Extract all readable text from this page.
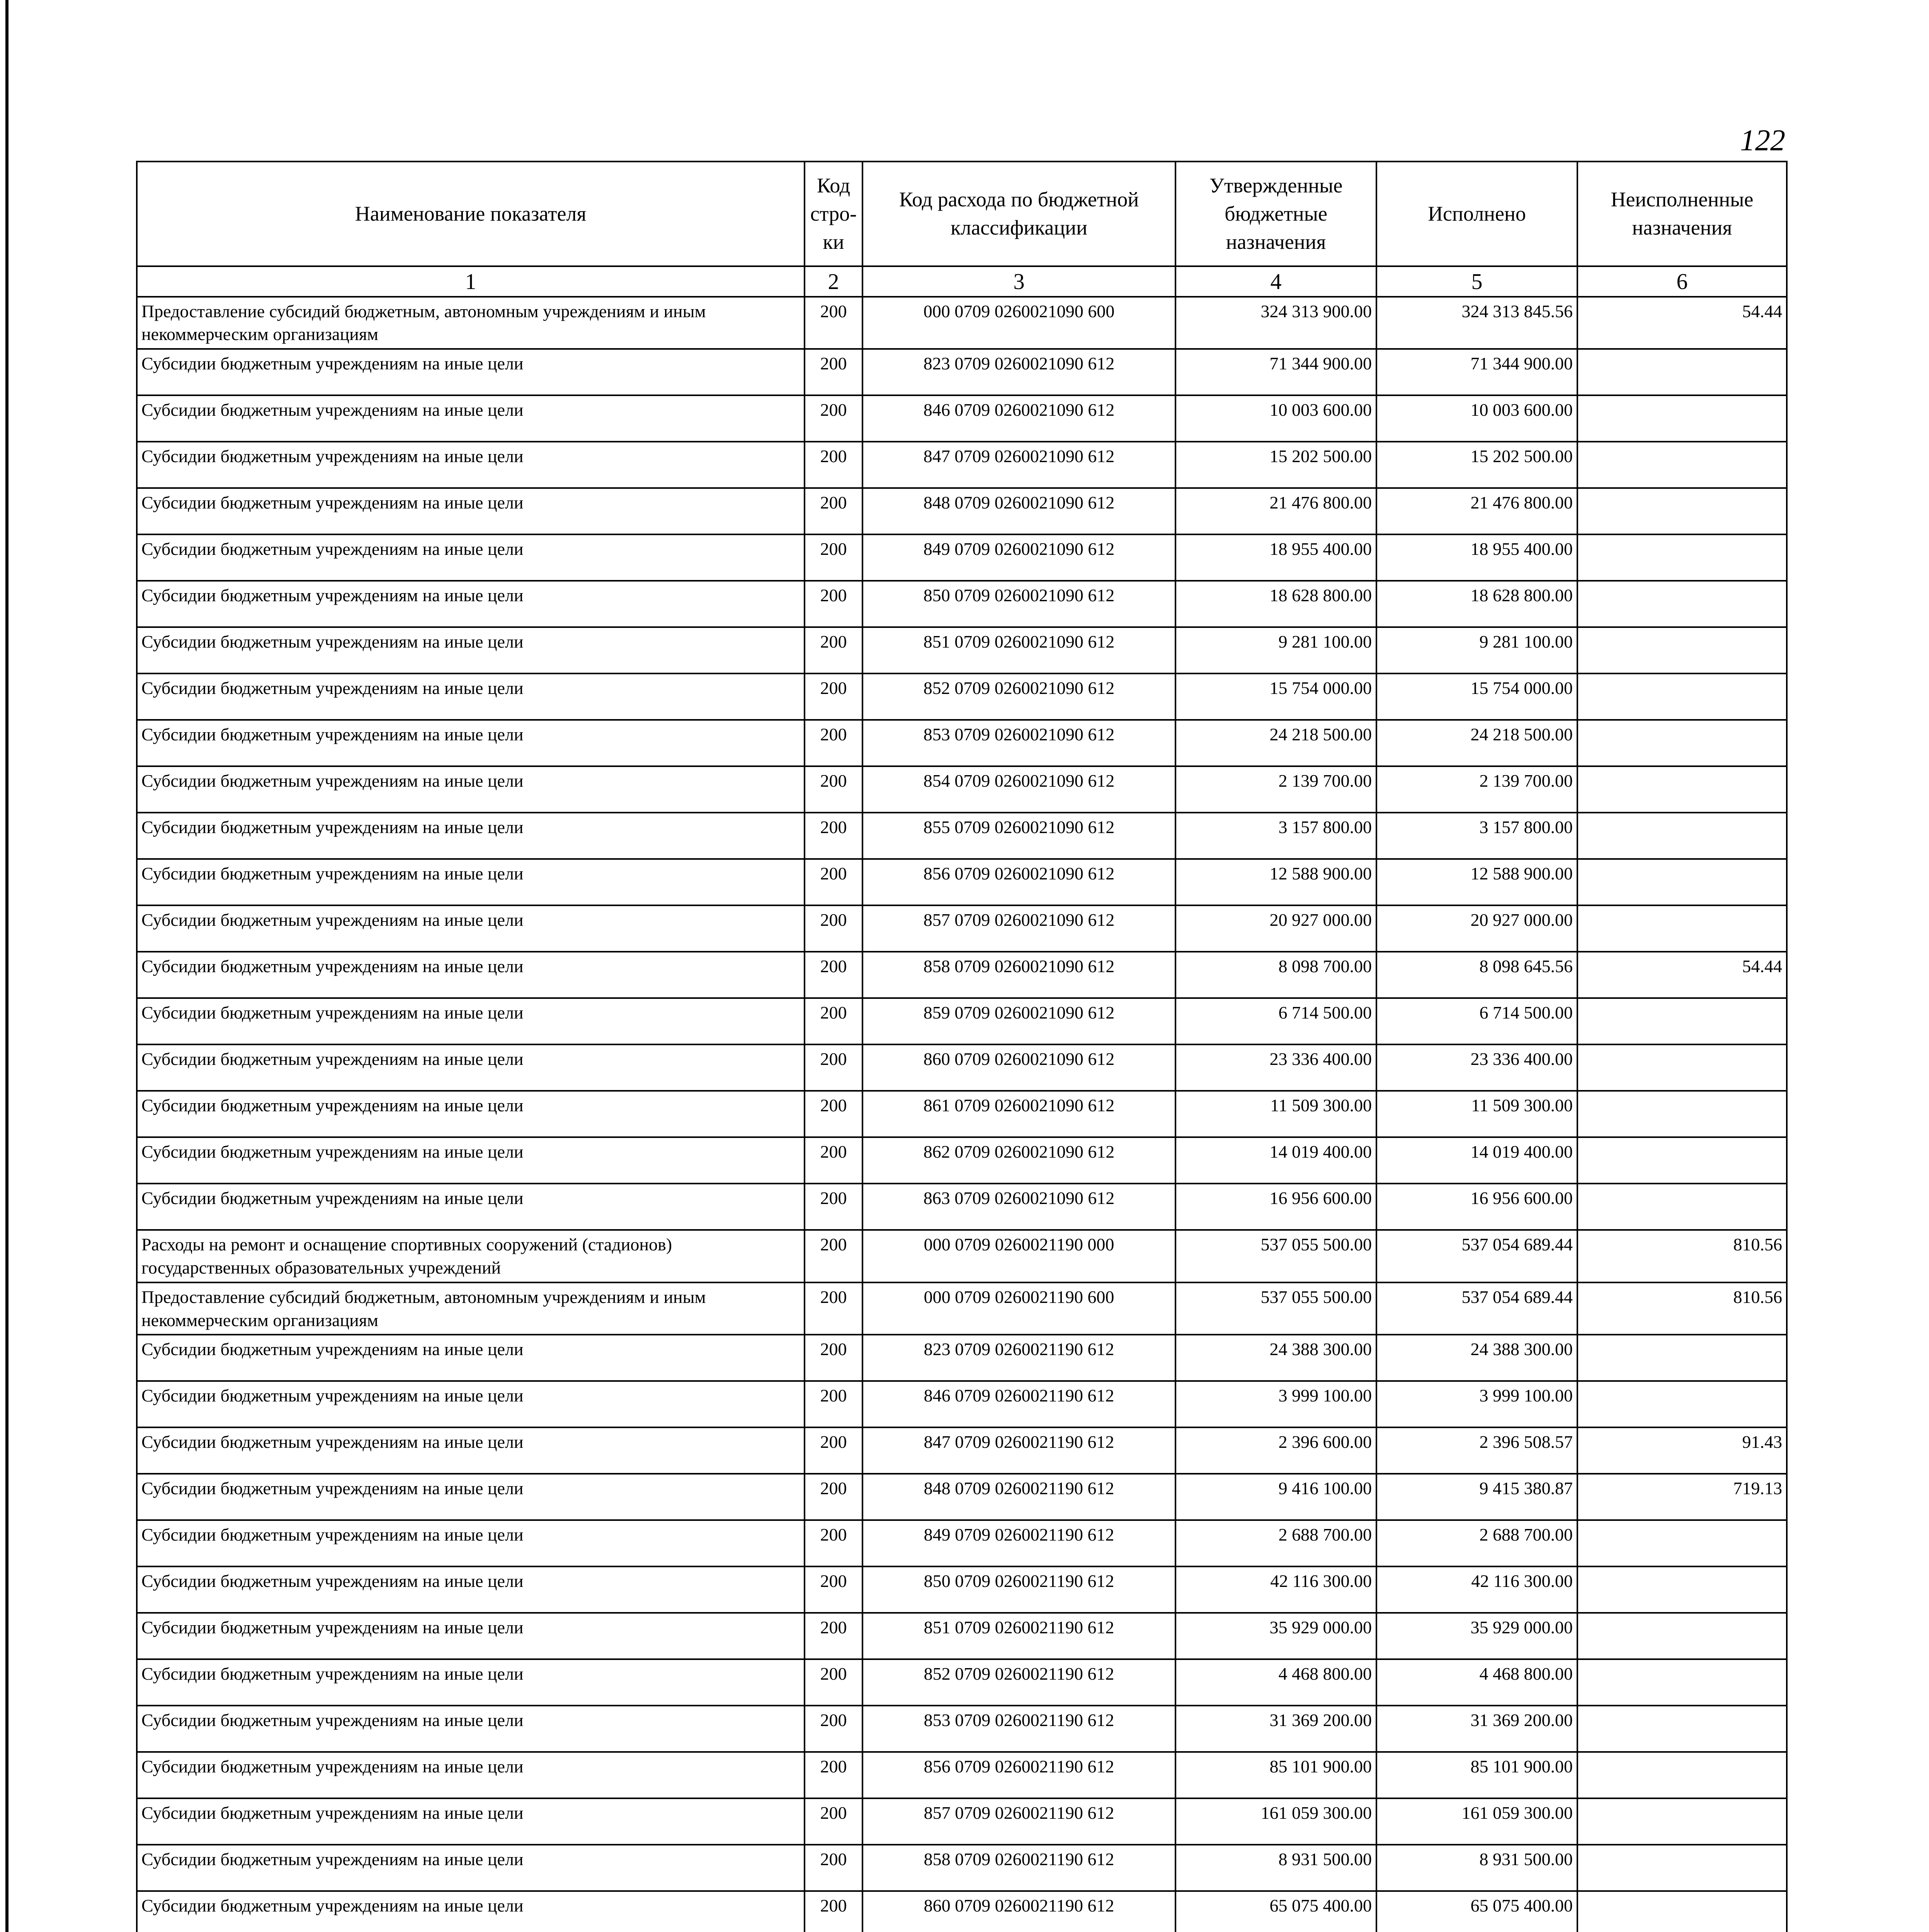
122
Наименование показателя	Код стро-ки	Код расхода по бюджетной классификации	Утвержденные бюджетные назначения	Исполнено	Неисполненные назначения
1	2	3	4	5	6
Предоставление субсидий бюджетным, автономным учреждениям и иным некоммерческим организациям	200	000 0709 0260021090 600	324 313 900.00	324 313 845.56	54.44
Субсидии бюджетным учреждениям на иные цели	200	823 0709 0260021090 612	71 344 900.00	71 344 900.00	
Субсидии бюджетным учреждениям на иные цели	200	846 0709 0260021090 612	10 003 600.00	10 003 600.00	
Субсидии бюджетным учреждениям на иные цели	200	847 0709 0260021090 612	15 202 500.00	15 202 500.00	
Субсидии бюджетным учреждениям на иные цели	200	848 0709 0260021090 612	21 476 800.00	21 476 800.00	
Субсидии бюджетным учреждениям на иные цели	200	849 0709 0260021090 612	18 955 400.00	18 955 400.00	
Субсидии бюджетным учреждениям на иные цели	200	850 0709 0260021090 612	18 628 800.00	18 628 800.00	
Субсидии бюджетным учреждениям на иные цели	200	851 0709 0260021090 612	9 281 100.00	9 281 100.00	
Субсидии бюджетным учреждениям на иные цели	200	852 0709 0260021090 612	15 754 000.00	15 754 000.00	
Субсидии бюджетным учреждениям на иные цели	200	853 0709 0260021090 612	24 218 500.00	24 218 500.00	
Субсидии бюджетным учреждениям на иные цели	200	854 0709 0260021090 612	2 139 700.00	2 139 700.00	
Субсидии бюджетным учреждениям на иные цели	200	855 0709 0260021090 612	3 157 800.00	3 157 800.00	
Субсидии бюджетным учреждениям на иные цели	200	856 0709 0260021090 612	12 588 900.00	12 588 900.00	
Субсидии бюджетным учреждениям на иные цели	200	857 0709 0260021090 612	20 927 000.00	20 927 000.00	
Субсидии бюджетным учреждениям на иные цели	200	858 0709 0260021090 612	8 098 700.00	8 098 645.56	54.44
Субсидии бюджетным учреждениям на иные цели	200	859 0709 0260021090 612	6 714 500.00	6 714 500.00	
Субсидии бюджетным учреждениям на иные цели	200	860 0709 0260021090 612	23 336 400.00	23 336 400.00	
Субсидии бюджетным учреждениям на иные цели	200	861 0709 0260021090 612	11 509 300.00	11 509 300.00	
Субсидии бюджетным учреждениям на иные цели	200	862 0709 0260021090 612	14 019 400.00	14 019 400.00	
Субсидии бюджетным учреждениям на иные цели	200	863 0709 0260021090 612	16 956 600.00	16 956 600.00	
Расходы на ремонт и оснащение спортивных сооружений (стадионов) государственных образовательных учреждений	200	000 0709 0260021190 000	537 055 500.00	537 054 689.44	810.56
Предоставление субсидий бюджетным, автономным учреждениям и иным некоммерческим организациям	200	000 0709 0260021190 600	537 055 500.00	537 054 689.44	810.56
Субсидии бюджетным учреждениям на иные цели	200	823 0709 0260021190 612	24 388 300.00	24 388 300.00	
Субсидии бюджетным учреждениям на иные цели	200	846 0709 0260021190 612	3 999 100.00	3 999 100.00	
Субсидии бюджетным учреждениям на иные цели	200	847 0709 0260021190 612	2 396 600.00	2 396 508.57	91.43
Субсидии бюджетным учреждениям на иные цели	200	848 0709 0260021190 612	9 416 100.00	9 415 380.87	719.13
Субсидии бюджетным учреждениям на иные цели	200	849 0709 0260021190 612	2 688 700.00	2 688 700.00	
Субсидии бюджетным учреждениям на иные цели	200	850 0709 0260021190 612	42 116 300.00	42 116 300.00	
Субсидии бюджетным учреждениям на иные цели	200	851 0709 0260021190 612	35 929 000.00	35 929 000.00	
Субсидии бюджетным учреждениям на иные цели	200	852 0709 0260021190 612	4 468 800.00	4 468 800.00	
Субсидии бюджетным учреждениям на иные цели	200	853 0709 0260021190 612	31 369 200.00	31 369 200.00	
Субсидии бюджетным учреждениям на иные цели	200	856 0709 0260021190 612	85 101 900.00	85 101 900.00	
Субсидии бюджетным учреждениям на иные цели	200	857 0709 0260021190 612	161 059 300.00	161 059 300.00	
Субсидии бюджетным учреждениям на иные цели	200	858 0709 0260021190 612	8 931 500.00	8 931 500.00	
Субсидии бюджетным учреждениям на иные цели	200	860 0709 0260021190 612	65 075 400.00	65 075 400.00	
